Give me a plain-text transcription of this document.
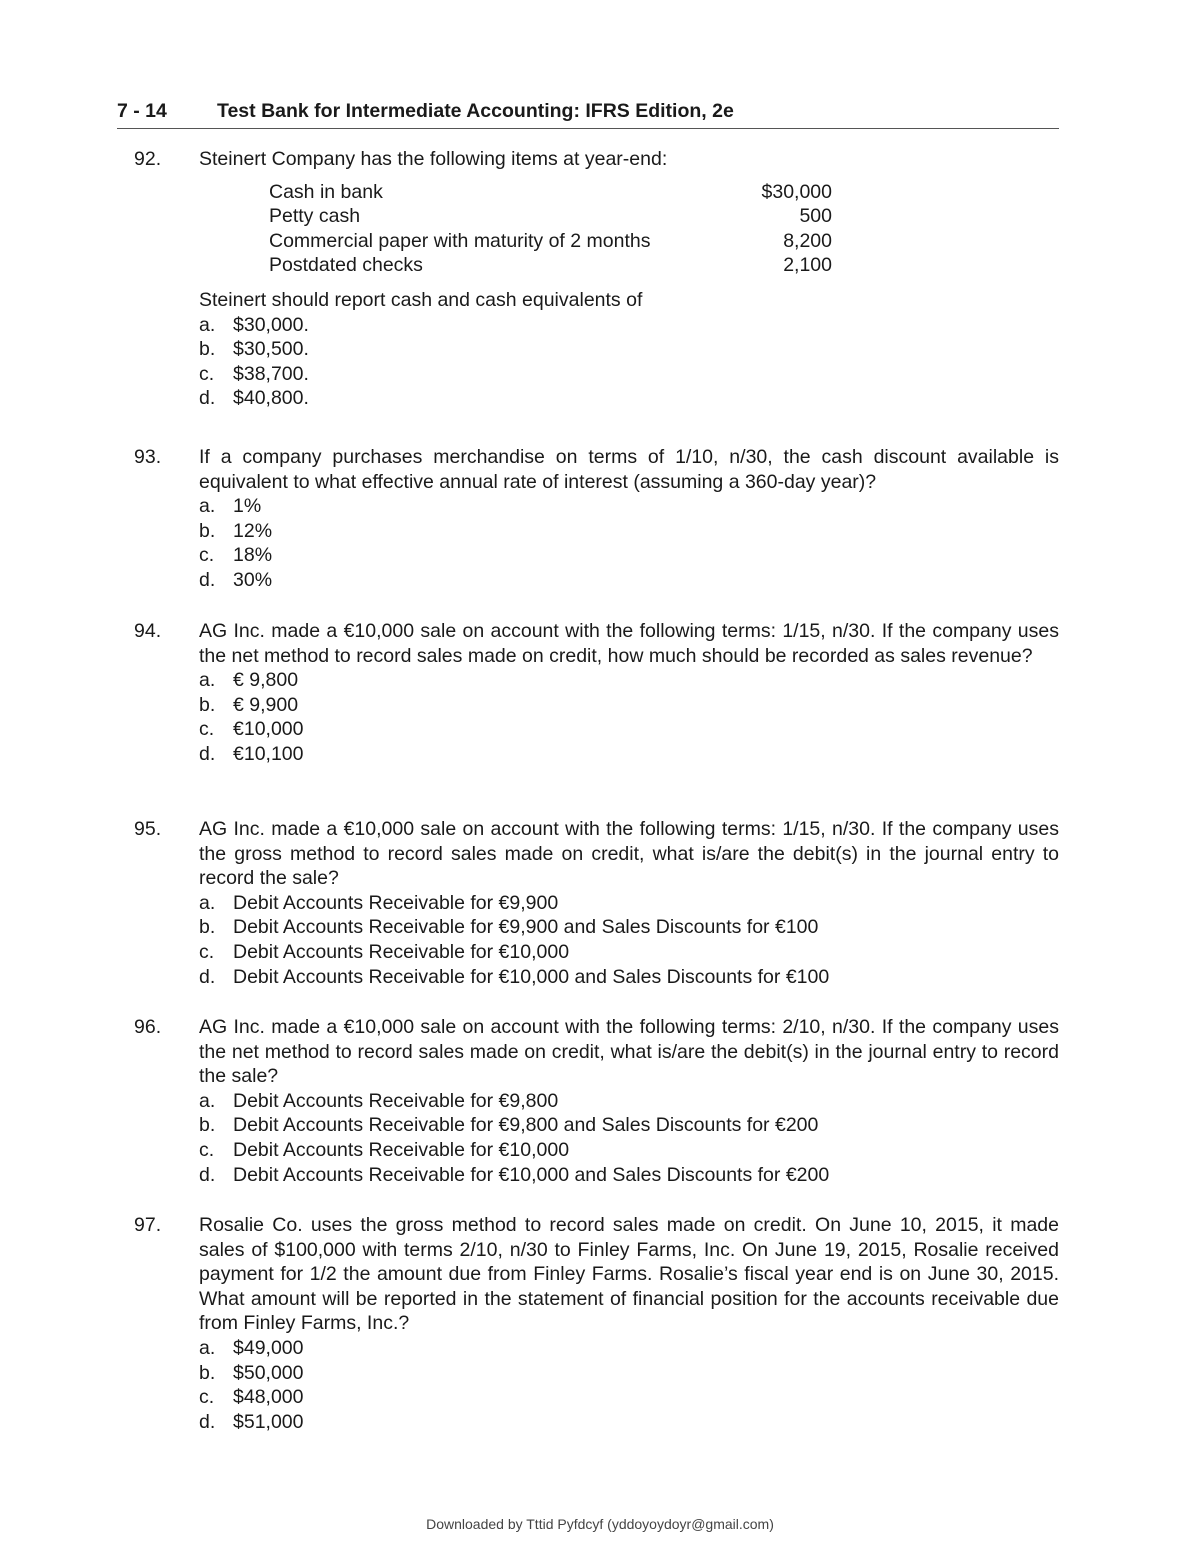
7 - 14	Test Bank for Intermediate Accounting: IFRS Edition, 2e
92. Steinert Company has the following items at year-end:
Cash in bank	$30,000
Petty cash	500
Commercial paper with maturity of 2 months	8,200
Postdated checks	2,100
Steinert should report cash and cash equivalents of
a. $30,000.
b. $30,500.
c. $38,700.
d. $40,800.
93. If a company purchases merchandise on terms of 1/10, n/30, the cash discount available is equivalent to what effective annual rate of interest (assuming a 360-day year)?
a. 1%
b. 12%
c. 18%
d. 30%
94. AG Inc. made a €10,000 sale on account with the following terms: 1/15, n/30. If the company uses the net method to record sales made on credit, how much should be recorded as sales revenue?
a. € 9,800
b. € 9,900
c. €10,000
d. €10,100
95. AG Inc. made a €10,000 sale on account with the following terms: 1/15, n/30. If the company uses the gross method to record sales made on credit, what is/are the debit(s) in the journal entry to record the sale?
a. Debit Accounts Receivable for €9,900
b. Debit Accounts Receivable for €9,900 and Sales Discounts for €100
c. Debit Accounts Receivable for €10,000
d. Debit Accounts Receivable for €10,000 and Sales Discounts for €100
96. AG Inc. made a €10,000 sale on account with the following terms: 2/10, n/30. If the company uses the net method to record sales made on credit, what is/are the debit(s) in the journal entry to record the sale?
a. Debit Accounts Receivable for €9,800
b. Debit Accounts Receivable for €9,800 and Sales Discounts for €200
c. Debit Accounts Receivable for €10,000
d. Debit Accounts Receivable for €10,000 and Sales Discounts for €200
97. Rosalie Co. uses the gross method to record sales made on credit. On June 10, 2015, it made sales of $100,000 with terms 2/10, n/30 to Finley Farms, Inc. On June 19, 2015, Rosalie received payment for 1/2 the amount due from Finley Farms. Rosalie’s fiscal year end is on June 30, 2015. What amount will be reported in the statement of financial position for the accounts receivable due from Finley Farms, Inc.?
a. $49,000
b. $50,000
c. $48,000
d. $51,000
Downloaded by Tttid Pyfdcyf (yddoyoydoyr@gmail.com)
